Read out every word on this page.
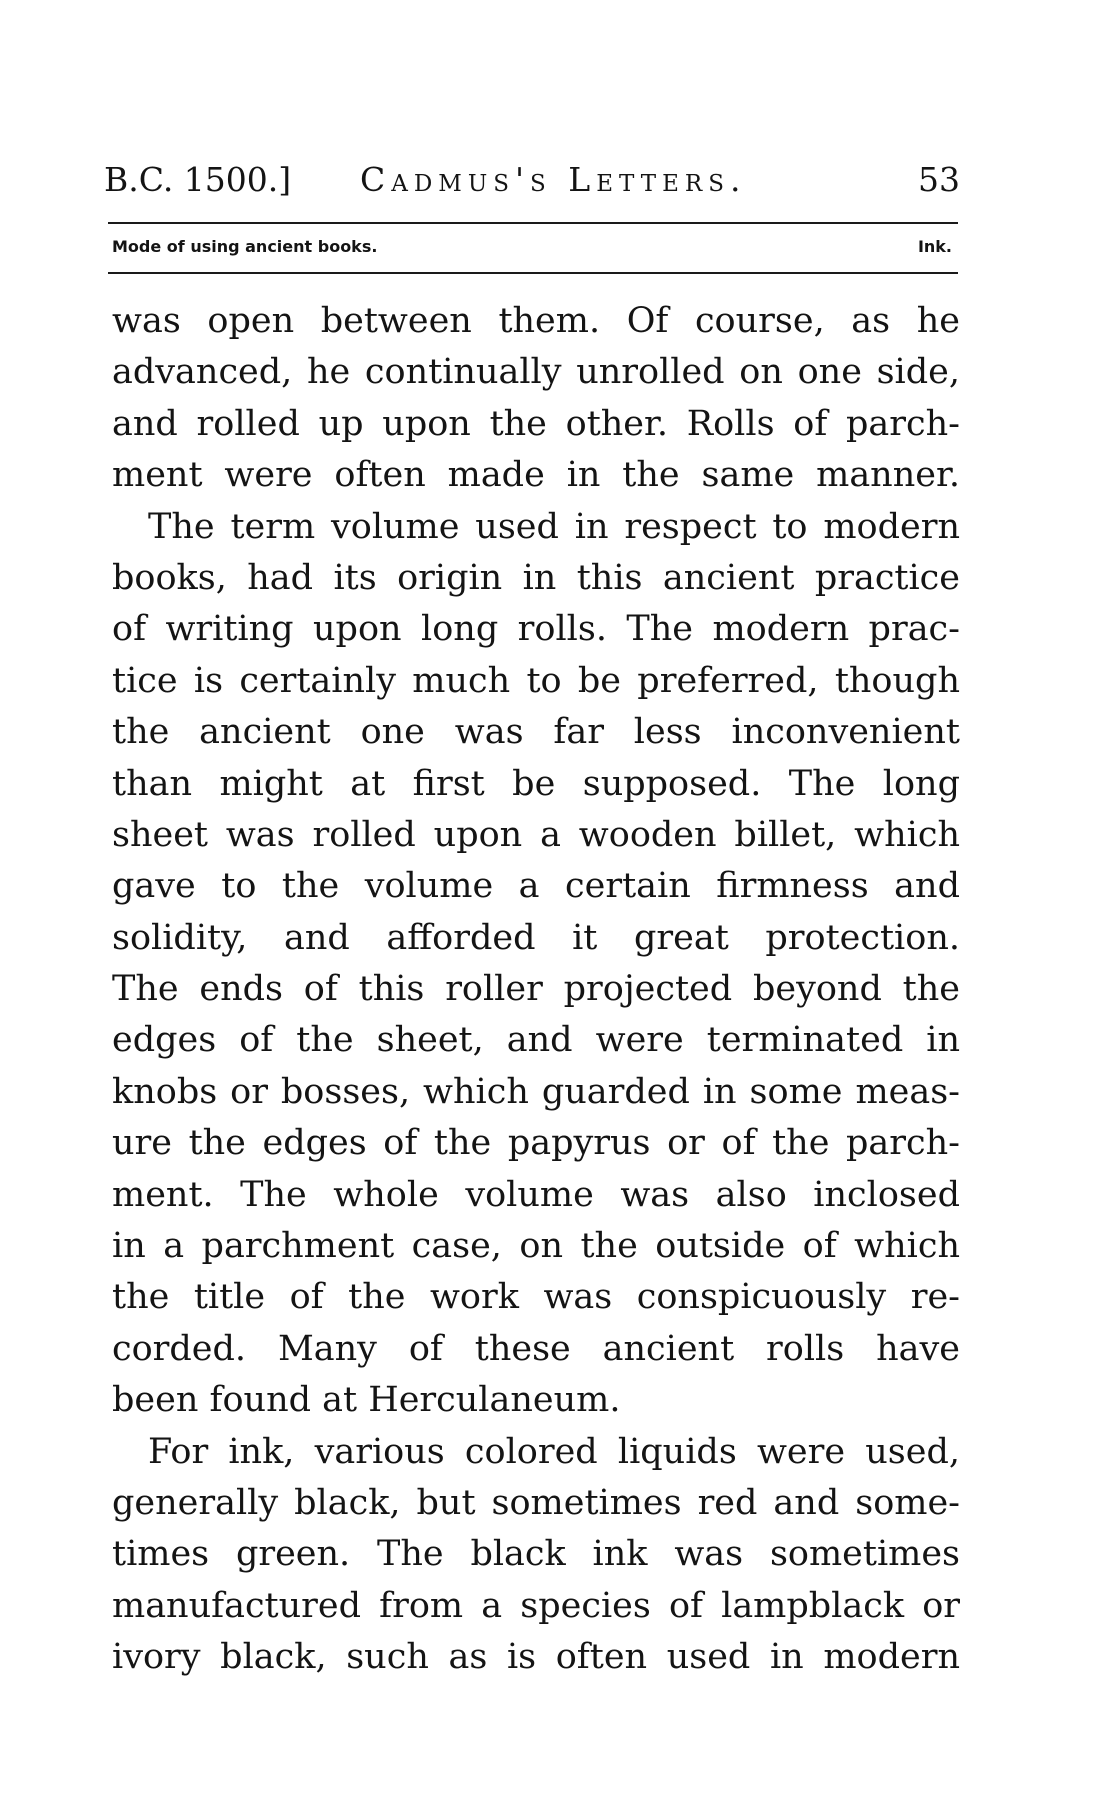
B.C. 1500.] Cadmus's Letters.	53
Mode of using ancient books.	Ink.
was open between them. Of course, as he
advanced, he continually unrolled on one side,
and rolled up upon the other. Rolls of parch-
ment were often made in the same manner.
The term volume used in respect to modern
books, had its origin in this ancient practice
of writing upon long rolls. The modern prac-
tice is certainly much to be preferred, though
the ancient one was far less inconvenient
than might at first be supposed. The long
sheet was rolled upon a wooden billet, which
gave to the volume a certain firmness and
solidity, and afforded it great protection.
The ends of this roller projected beyond the
edges of the sheet, and were terminated in
knobs or bosses, which guarded in some meas-
ure the edges of the papyrus or of the parch-
ment. The whole volume was also inclosed
in a parchment case, on the outside of which
the title of the work was conspicuously re-
corded. Many of these ancient rolls have
been found at Herculaneum.
For ink, various colored liquids were used,
generally black, but sometimes red and some-
times green. The black ink was sometimes
manufactured from a species of lampblack or
ivory black, such as is often used in modern
